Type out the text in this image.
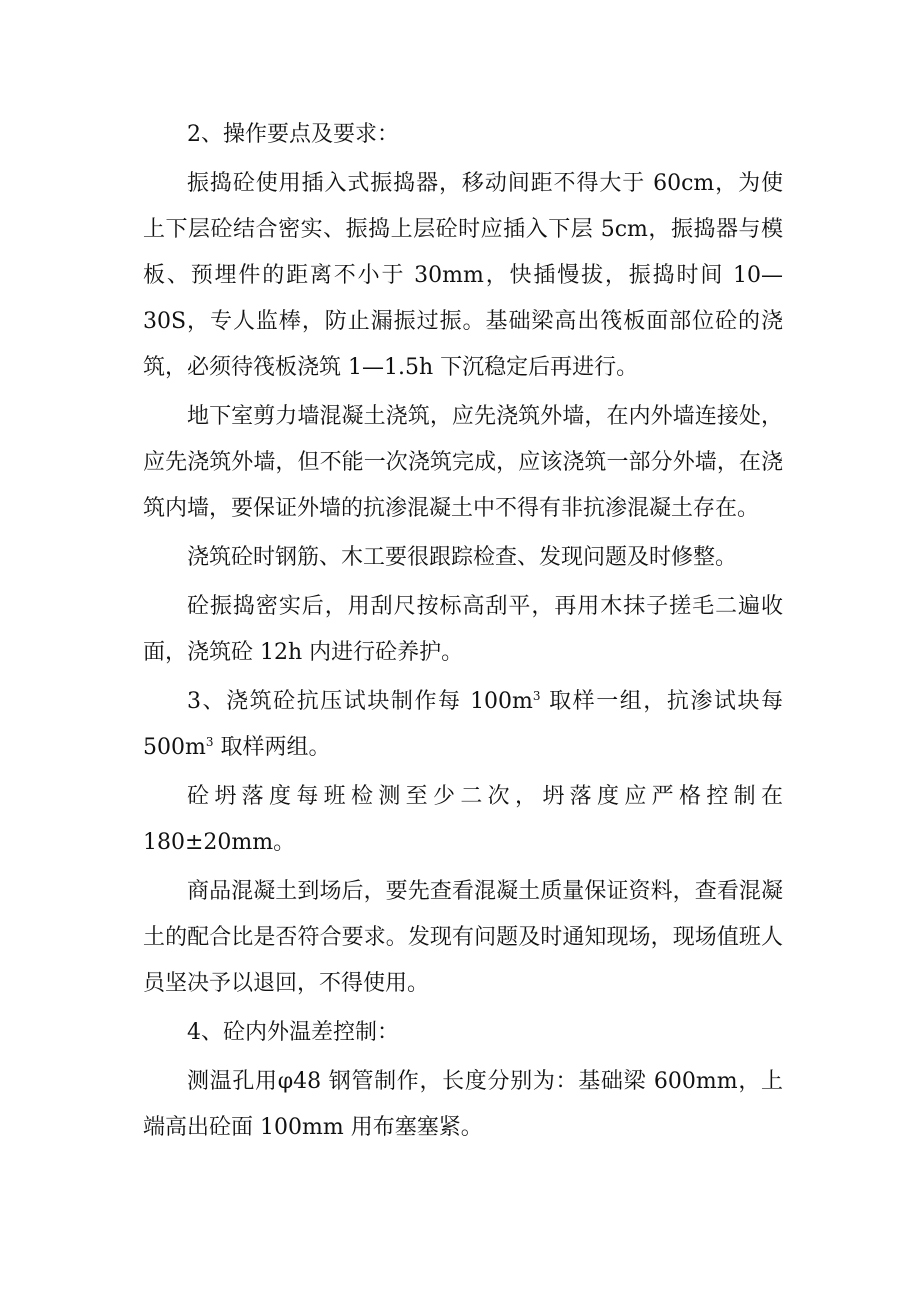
2、操作要点及要求：

振捣砼使用插入式振捣器，移动间距不得大于 60cm，为使上下层砼结合密实、振捣上层砼时应插入下层 5cm，振捣器与模板、预埋件的距离不小于 30mm，快插慢拔，振捣时间 10—30S，专人监棒，防止漏振过振。基础梁高出筏板面部位砼的浇筑，必须待筏板浇筑 1—1.5h 下沉稳定后再进行。

地下室剪力墙混凝土浇筑，应先浇筑外墙，在内外墙连接处，应先浇筑外墙，但不能一次浇筑完成，应该浇筑一部分外墙，在浇筑内墙，要保证外墙的抗渗混凝土中不得有非抗渗混凝土存在。

浇筑砼时钢筋、木工要很跟踪检查、发现问题及时修整。

砼振捣密实后，用刮尺按标高刮平，再用木抹子搓毛二遍收面，浇筑砼 12h 内进行砼养护。

3、浇筑砼抗压试块制作每 $100m^3$ 取样一组，抗渗试块每 $500m^3$ 取样两组。

砼坍落度每班检测至少二次，坍落度应严格控制在 180±20mm。

商品混凝土到场后，要先查看混凝土质量保证资料，查看混凝土的配合比是否符合要求。发现有问题及时通知现场，现场值班人员坚决予以退回，不得使用。

4、砼内外温差控制：

测温孔用φ48 钢管制作，长度分别为：基础梁 600mm，上端高出砼面 100mm 用布塞塞紧。
